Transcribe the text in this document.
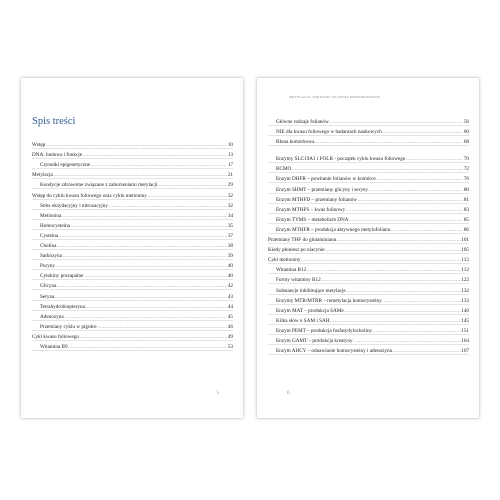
Spis treści
Wstęp .....	10
DNA: budowa i funkcje .....	13
Czynniki epigenetyczne .....	17
Metylacja .....	21
Kondycje zdrowotne związane z zaburzeniami metylacji .....	29
Wstęp do cyklu kwasu foliowego oraz cyklu metioniny .....	32
Stres oksydacyjny i nitrozacyjny .....	32
Metionina .....	34
Homocysteina .....	35
Cysteina .....	37
Cholina .....	38
Sarkozyna .....	39
Puryny .....	40
Cytokiny prozapalne .....	40
Glicyna .....	42
Seryna .....	43
Tetrahydrobiopteryna .....	44
Adenozyna .....	45
Przemiany cyklu w pigułce .....	46
Cykl kwasu foliowego .....	49
Witamina B9 .....	53
5
METYLACJA: WIRUSOW LECZENIA MISMODZYNOWE
Główne rodzaje folianów .....	56
NIE dla kwasu foliowego w badaniach naukowych .....	60
Błona komórkowa .....	68
Enzymy SLC19A1 i FOLR - początek cyklu kwasu foliowego .....	70
BCMO .....	72
Enzym DHFR – powitanie folianów w komórce .....	76
Enzym SHMT – przemiany glicyny i seryny .....	80
Enzym MTHFD – przemiany folianów .....	81
Enzym MTHFS – kwas folinowy .....	83
Enzym TYMS – metabolizm DNA .....	85
Enzym MTHFR – produkcja aktywnego metylofolianu .....	86
Przemiany THF do glutaminianu .....	101
Kiedy płoniesz po niacynie .....	105
Cykl metioniny .....	112
Witamina B12 .....	112
Formy witaminy B12 .....	122
Substancje inhibitujące metylacje .....	132
Enzymy MTR/MTRR – remetylacja homocysteiny .....	133
Enzym MAT – produkcja SAMe .....	140
Kilka słów o SAM i SAH .....	145
Enzym PEMT – produkcja fosfatydylocholiny .....	151
Enzym GAMT – produkcja kreatyny .....	164
Enzym AHCY – odnawianie homocysteiny i adenozyna .....	167
6
